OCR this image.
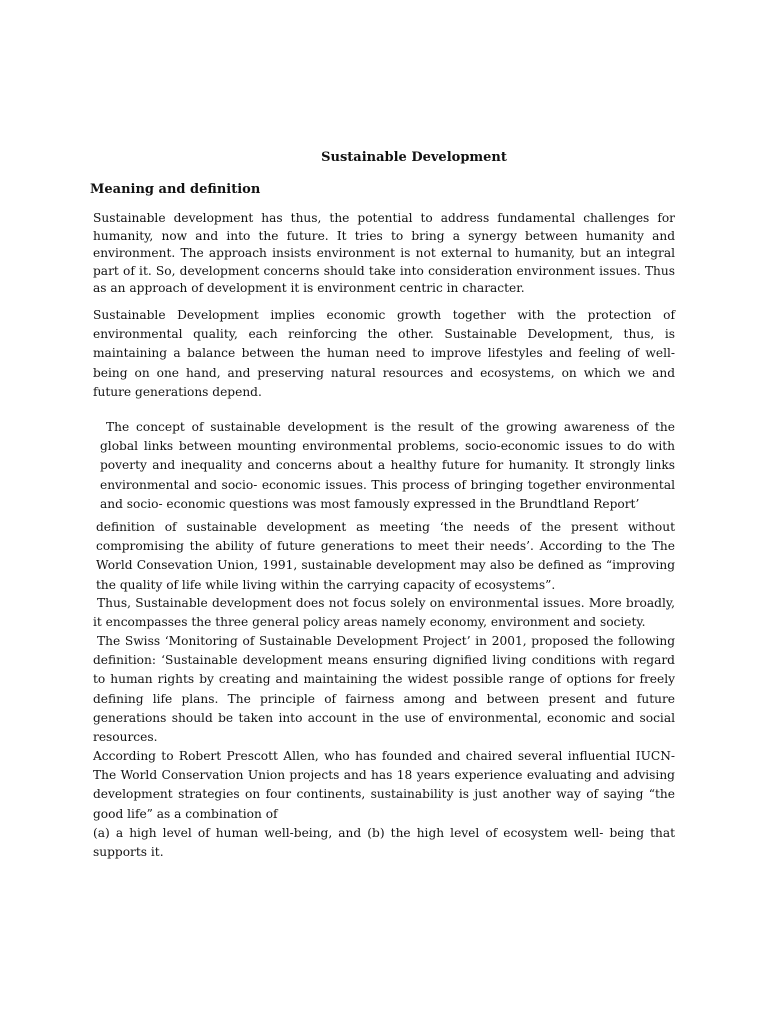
Sustainable Development
Meaning and definition

Sustainable development has thus, the potential to address fundamental challenges for humanity, now and into the future. It tries to bring a synergy between humanity and environment. The approach insists environment is not external to humanity, but an integral part of it. So, development concerns should take into consideration environment issues. Thus as an approach of development it is environment centric in character.

Sustainable Development implies economic growth together with the protection of environmental quality, each reinforcing the other. Sustainable Development, thus, is maintaining a balance between the human need to improve lifestyles and feeling of well-being on one hand, and preserving natural resources and ecosystems, on which we and future generations depend.

The concept of sustainable development is the result of the growing awareness of the global links between mounting environmental problems, socio-economic issues to do with poverty and inequality and concerns about a healthy future for humanity. It strongly links environmental and socio- economic issues. This process of bringing together environmental and socio- economic questions was most famously expressed in the Brundtland Report’

definition of sustainable development as meeting ‘the needs of the present without compromising the ability of future generations to meet their needs’. According to the The World Consevation Union, 1991, sustainable development may also be defined as “improving the quality of life while living within the carrying capacity of ecosystems”.

Thus, Sustainable development does not focus solely on environmental issues. More broadly, it encompasses the three general policy areas namely economy, environment and society.

The Swiss ‘Monitoring of Sustainable Development Project’ in 2001, proposed the following definition: ‘Sustainable development means ensuring dignified living conditions with regard to human rights by creating and maintaining the widest possible range of options for freely defining life plans. The principle of fairness among and between present and future generations should be taken into account in the use of environmental, economic and social resources.

According to Robert Prescott Allen, who has founded and chaired several influential IUCN-The World Conservation Union projects and has 18 years experience evaluating and advising development strategies on four continents, sustainability is just another way of saying “the good life” as a combination of

(a) a high level of human well-being, and (b) the high level of ecosystem well- being that supports it.
